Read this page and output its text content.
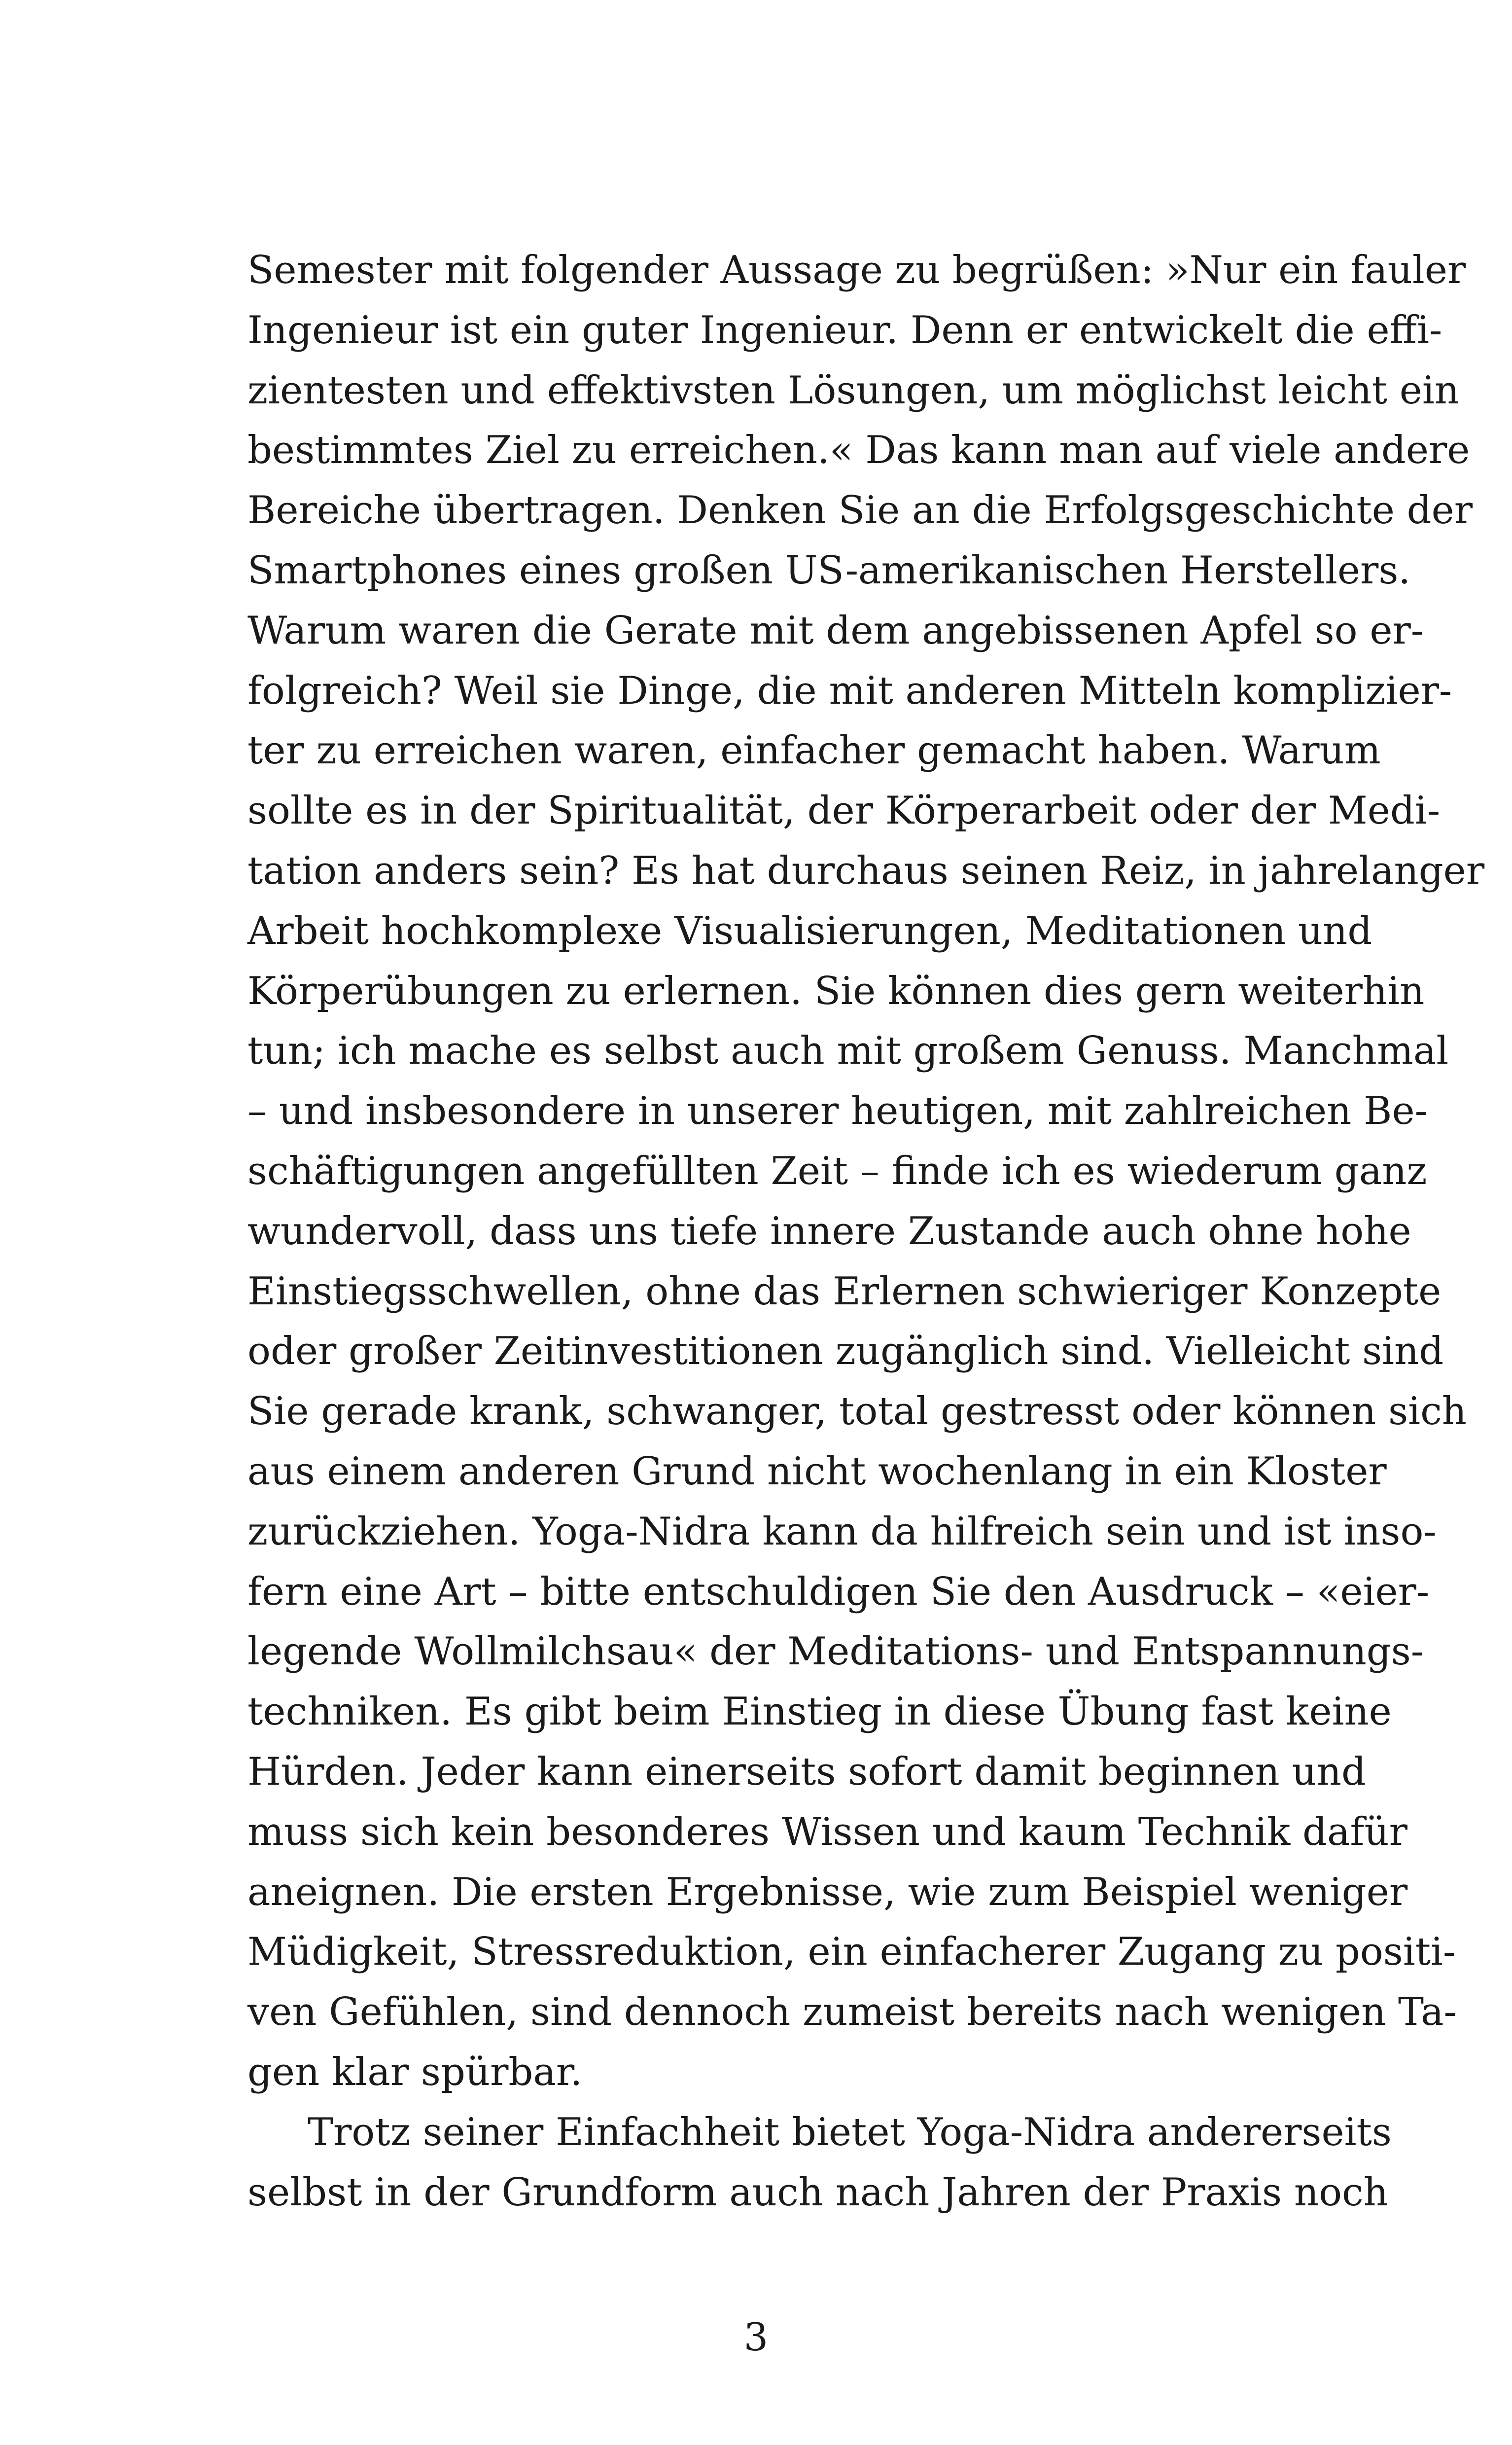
Semester mit folgender Aussage zu begrüßen: »Nur ein fauler
Ingenieur ist ein guter Ingenieur. Denn er entwickelt die effi-
zientesten und effektivsten Lösungen, um möglichst leicht ein
bestimmtes Ziel zu erreichen.« Das kann man auf viele andere
Bereiche übertragen. Denken Sie an die Erfolgsgeschichte der
Smartphones eines großen US-amerikanischen Herstellers.
Warum waren die Gerate mit dem angebissenen Apfel so er-
folgreich? Weil sie Dinge, die mit anderen Mitteln komplizier-
ter zu erreichen waren, einfacher gemacht haben. Warum
sollte es in der Spiritualität, der Körperarbeit oder der Medi-
tation anders sein? Es hat durchaus seinen Reiz, in jahrelanger
Arbeit hochkomplexe Visualisierungen, Meditationen und
Körperübungen zu erlernen. Sie können dies gern weiterhin
tun; ich mache es selbst auch mit großem Genuss. Manchmal
– und insbesondere in unserer heutigen, mit zahlreichen Be-
schäftigungen angefüllten Zeit – finde ich es wiederum ganz
wundervoll, dass uns tiefe innere Zustande auch ohne hohe
Einstiegsschwellen, ohne das Erlernen schwieriger Konzepte
oder großer Zeitinvestitionen zugänglich sind. Vielleicht sind
Sie gerade krank, schwanger, total gestresst oder können sich
aus einem anderen Grund nicht wochenlang in ein Kloster
zurückziehen. Yoga-Nidra kann da hilfreich sein und ist inso-
fern eine Art – bitte entschuldigen Sie den Ausdruck – «eier-
legende Wollmilchsau« der Meditations- und Entspannungs-
techniken. Es gibt beim Einstieg in diese Übung fast keine
Hürden. Jeder kann einerseits sofort damit beginnen und
muss sich kein besonderes Wissen und kaum Technik dafür
aneignen. Die ersten Ergebnisse, wie zum Beispiel weniger
Müdigkeit, Stressreduktion, ein einfacherer Zugang zu positi-
ven Gefühlen, sind dennoch zumeist bereits nach wenigen Ta-
gen klar spürbar.
Trotz seiner Einfachheit bietet Yoga-Nidra andererseits
selbst in der Grundform auch nach Jahren der Praxis noch
3
